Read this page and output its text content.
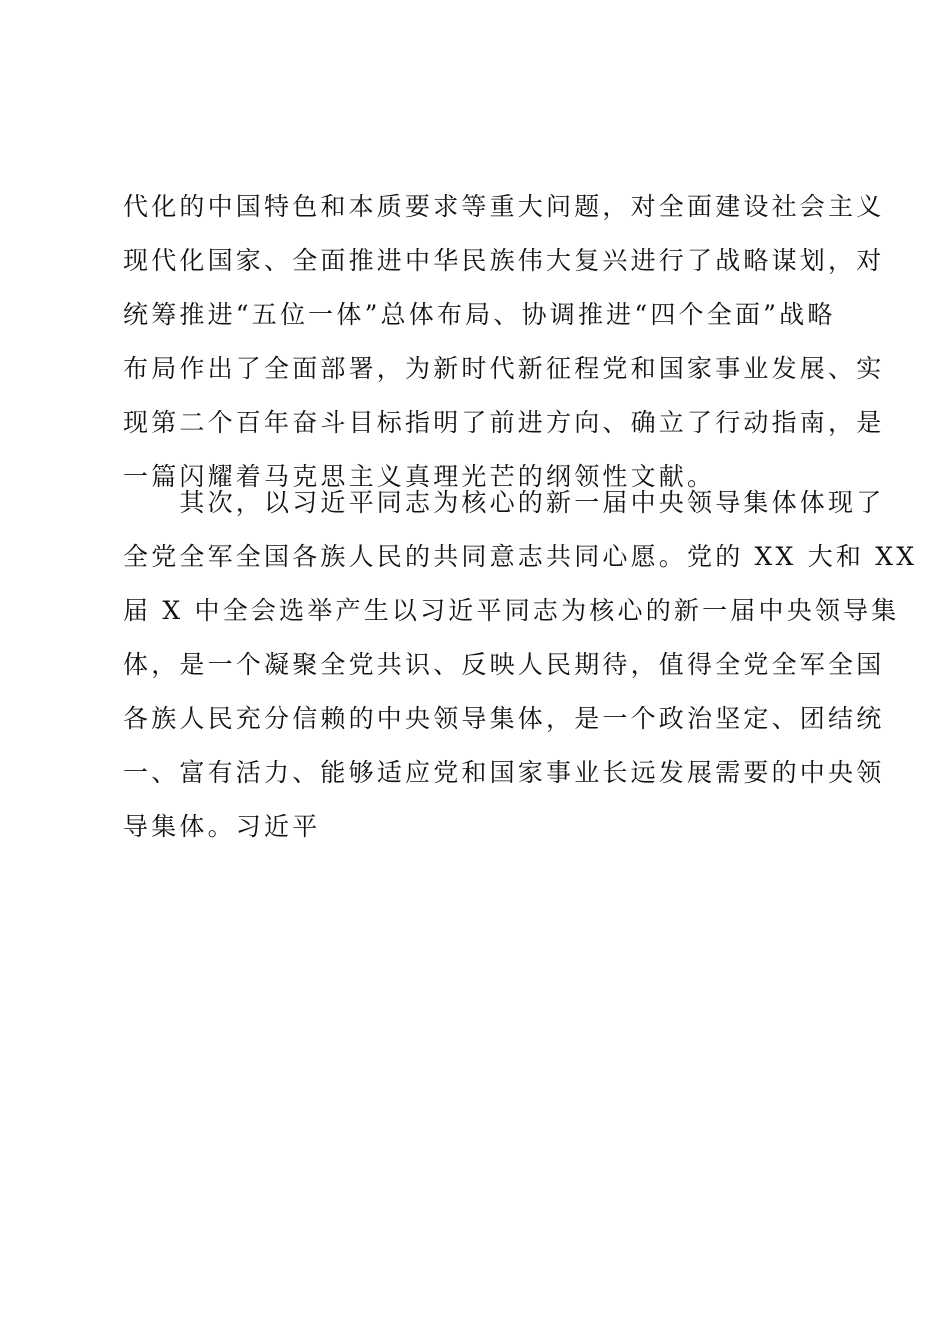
代化的中国特色和本质要求等重大问题，对全面建设社会主义
现代化国家、全面推进中华民族伟大复兴进行了战略谋划，对
统筹推进“五位一体”总体布局、协调推进“四个全面”战略
布局作出了全面部署，为新时代新征程党和国家事业发展、实
现第二个百年奋斗目标指明了前进方向、确立了行动指南，是
一篇闪耀着马克思主义真理光芒的纲领性文献。
　　其次，以习近平同志为核心的新一届中央领导集体体现了
全党全军全国各族人民的共同意志共同心愿。党的 XX 大和 XX
届 X 中全会选举产生以习近平同志为核心的新一届中央领导集
体，是一个凝聚全党共识、反映人民期待，值得全党全军全国
各族人民充分信赖的中央领导集体，是一个政治坚定、团结统
一、富有活力、能够适应党和国家事业长远发展需要的中央领
导集体。习近平
